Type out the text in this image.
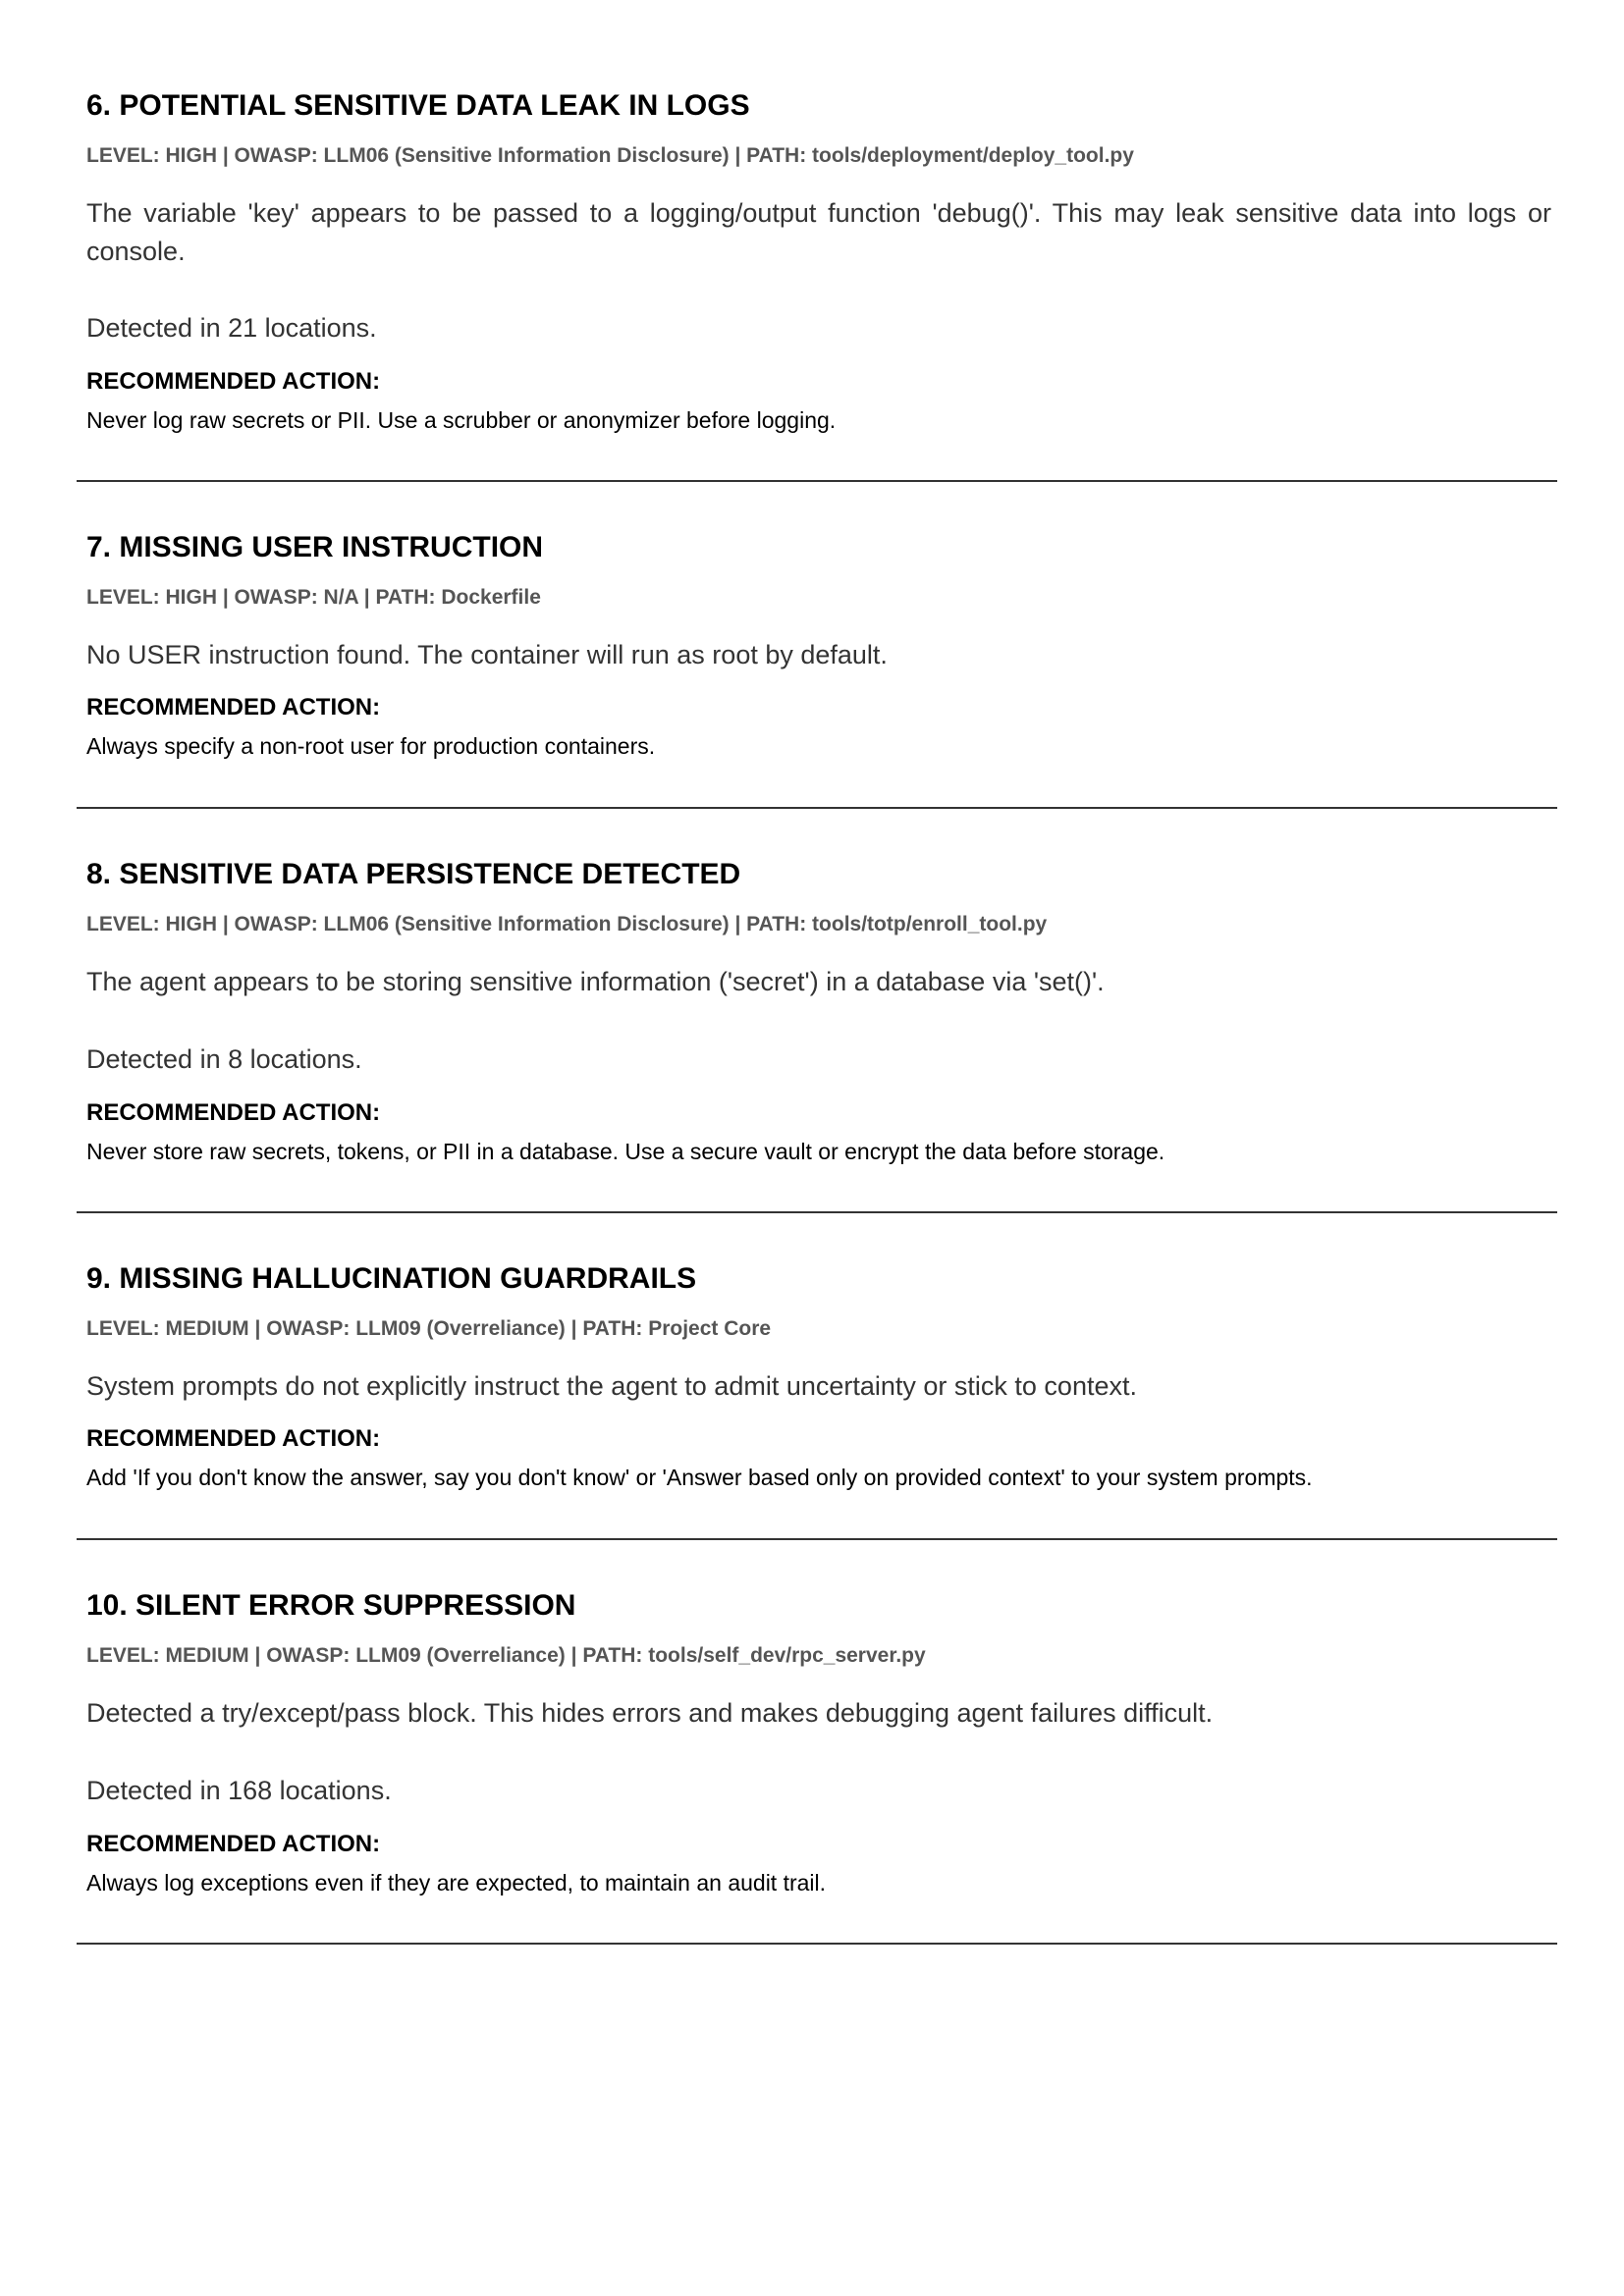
6. POTENTIAL SENSITIVE DATA LEAK IN LOGS

LEVEL: HIGH | OWASP: LLM06 (Sensitive Information Disclosure) | PATH: tools/deployment/deploy_tool.py

The variable 'key' appears to be passed to a logging/output function 'debug()'. This may leak sensitive data into logs or console.

Detected in 21 locations.

RECOMMENDED ACTION:

Never log raw secrets or PII. Use a scrubber or anonymizer before logging.

7. MISSING USER INSTRUCTION

LEVEL: HIGH | OWASP: N/A | PATH: Dockerfile

No USER instruction found. The container will run as root by default.

RECOMMENDED ACTION:

Always specify a non-root user for production containers.

8. SENSITIVE DATA PERSISTENCE DETECTED

LEVEL: HIGH | OWASP: LLM06 (Sensitive Information Disclosure) | PATH: tools/totp/enroll_tool.py

The agent appears to be storing sensitive information ('secret') in a database via 'set()'.

Detected in 8 locations.

RECOMMENDED ACTION:

Never store raw secrets, tokens, or PII in a database. Use a secure vault or encrypt the data before storage.

9. MISSING HALLUCINATION GUARDRAILS

LEVEL: MEDIUM | OWASP: LLM09 (Overreliance) | PATH: Project Core

System prompts do not explicitly instruct the agent to admit uncertainty or stick to context.

RECOMMENDED ACTION:

Add 'If you don't know the answer, say you don't know' or 'Answer based only on provided context' to your system prompts.

10. SILENT ERROR SUPPRESSION

LEVEL: MEDIUM | OWASP: LLM09 (Overreliance) | PATH: tools/self_dev/rpc_server.py

Detected a try/except/pass block. This hides errors and makes debugging agent failures difficult.

Detected in 168 locations.

RECOMMENDED ACTION:

Always log exceptions even if they are expected, to maintain an audit trail.
